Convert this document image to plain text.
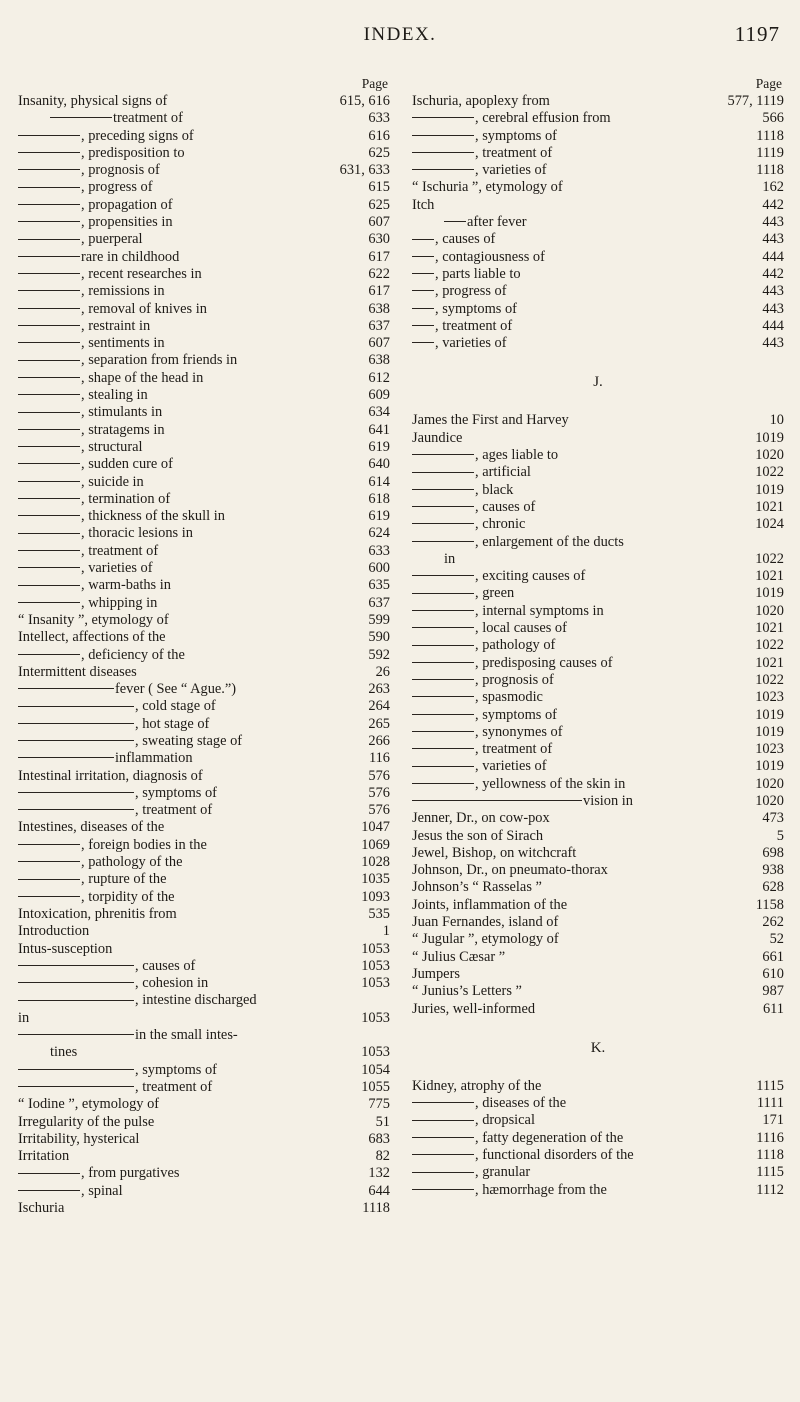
INDEX.	1197
Page
Insanity, physical signs of	615, 616
treatment of	633
, preceding signs of	616
, predisposition to	625
, prognosis of	631, 633
, progress of	615
, propagation of	625
, propensities in	607
, puerperal	630
rare in childhood	617
, recent researches in	622
, remissions in	617
, removal of knives in	638
, restraint in	637
, sentiments in	607
, separation from friends in	638
, shape of the head in	612
, stealing in	609
, stimulants in	634
, stratagems in	641
, structural	619
, sudden cure of	640
, suicide in	614
, termination of	618
, thickness of the skull in	619
, thoracic lesions in	624
, treatment of	633
, varieties of	600
, warm-baths in	635
, whipping in	637
“ Insanity ”, etymology of	599
Intellect, affections of the	590
, deficiency of the	592
Intermittent diseases	26
fever ( See “ Ague.”)	263
, cold stage of	264
, hot stage of	265
, sweating stage of	266
inflammation	116
Intestinal irritation, diagnosis of	576
, symptoms of	576
, treatment of	576
Intestines, diseases of the	1047
, foreign bodies in the	1069
, pathology of the	1028
, rupture of the	1035
, torpidity of the	1093
Intoxication, phrenitis from	535
Introduction	1
Intus-susception	1053
, causes of	1053
, cohesion in	1053
, intestine discharged
in	1053
in the small intes-
tines	1053
, symptoms of	1054
, treatment of	1055
“ Iodine ”, etymology of	775
Irregularity of the pulse	51
Irritability, hysterical	683
Irritation	82
, from purgatives	132
, spinal	644
Ischuria	1118
Page
Ischuria, apoplexy from	577, 1119
, cerebral effusion from	566
, symptoms of	1118
, treatment of	1119
, varieties of	1118
“ Ischuria ”, etymology of	162
Itch	442
after fever	443
, causes of	443
, contagiousness of	444
, parts liable to	442
, progress of	443
, symptoms of	443
, treatment of	444
, varieties of	443
J.
James the First and Harvey	10
Jaundice	1019
, ages liable to	1020
, artificial	1022
, black	1019
, causes of	1021
, chronic	1024
, enlargement of the ducts
in	1022
, exciting causes of	1021
, green	1019
, internal symptoms in	1020
, local causes of	1021
, pathology of	1022
, predisposing causes of	1021
, prognosis of	1022
, spasmodic	1023
, symptoms of	1019
, synonymes of	1019
, treatment of	1023
, varieties of	1019
, yellowness of the skin in	1020
vision in	1020
Jenner, Dr., on cow-pox	473
Jesus the son of Sirach	5
Jewel, Bishop, on witchcraft	698
Johnson, Dr., on pneumato-thorax	938
Johnson’s “ Rasselas ”	628
Joints, inflammation of the	1158
Juan Fernandes, island of	262
“ Jugular ”, etymology of	52
“ Julius Cæsar ”	661
Jumpers	610
“ Junius’s Letters ”	987
Juries, well-informed	611
K.
Kidney, atrophy of the	1115
, diseases of the	1111
, dropsical	171
, fatty degeneration of the	1116
, functional disorders of the	1118
, granular	1115
, hæmorrhage from the	1112
